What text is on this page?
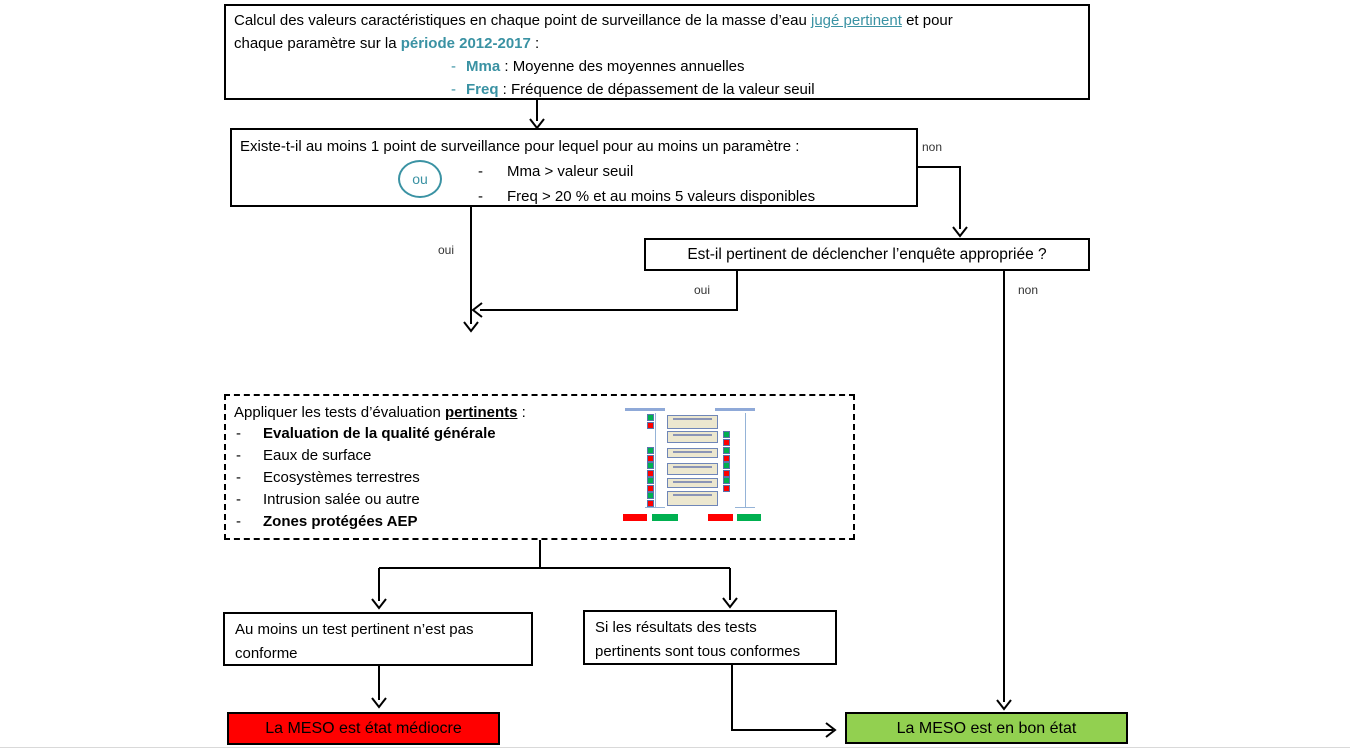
Calcul des valeurs caractéristiques en chaque point de surveillance de la masse d’eau jugé pertinent et pour
chaque paramètre sur la période 2012-2017 :
- Mma : Moyenne des moyennes annuelles
- Freq : Fréquence de dépassement de la valeur seuil
Existe-t-il au moins 1 point de surveillance pour lequel pour au moins un paramètre :
- Mma > valeur seuil
- Freq > 20 % et au moins 5 valeurs disponibles
ou
Est-il pertinent de déclencher l’enquête appropriée ?
oui
non
oui	non
Appliquer les tests d’évaluation pertinents :
- Evaluation de la qualité générale
- Eaux de surface
- Ecosystèmes terrestres
- Intrusion salée ou autre
- Zones protégées AEP
Au moins un test pertinent n’est pas conforme
Si les résultats des tests pertinents sont tous conformes
La MESO est état médiocre	La MESO est en bon état
